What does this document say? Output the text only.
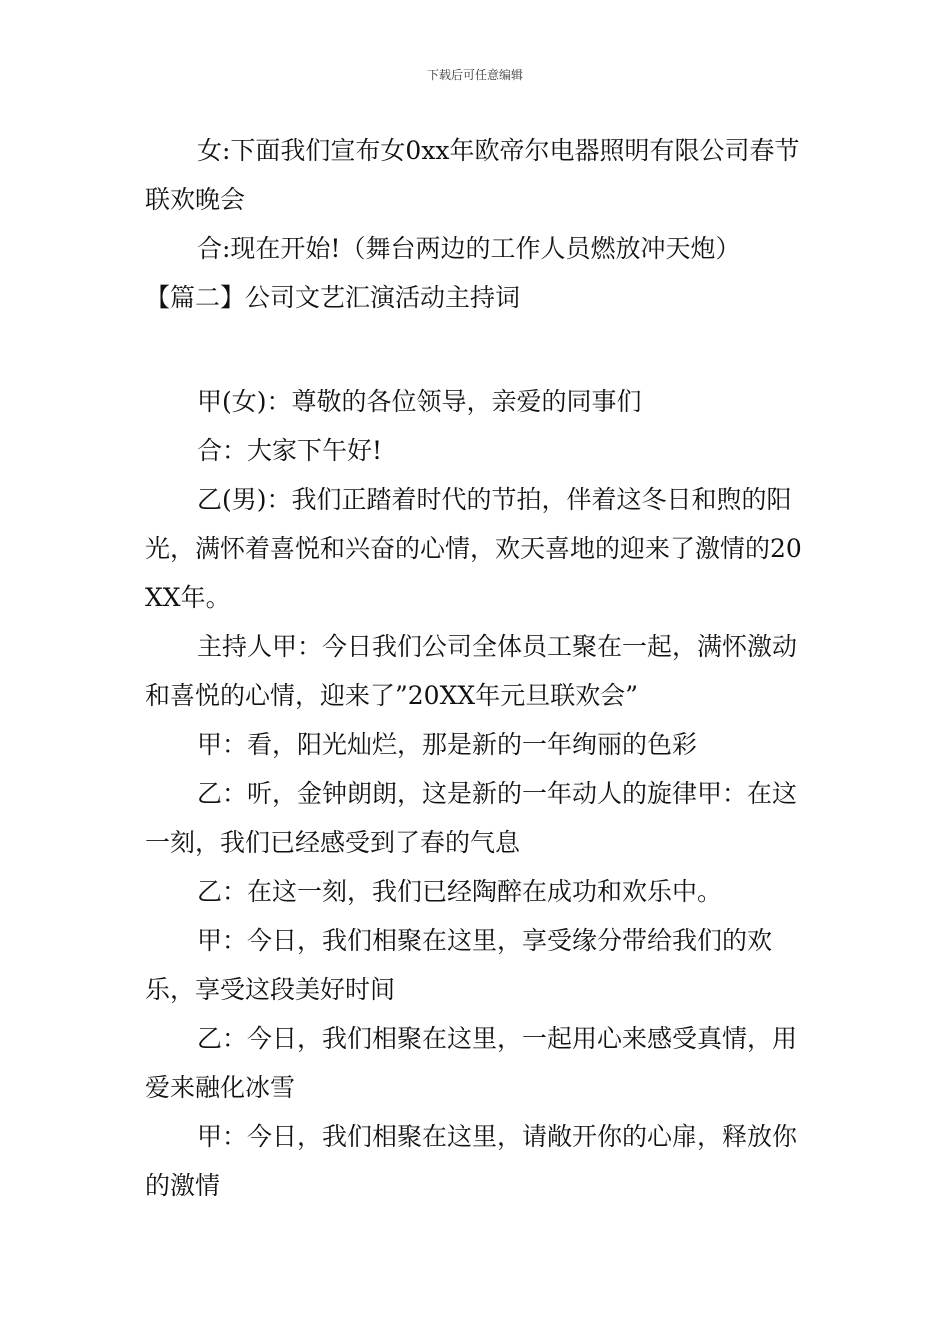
下载后可任意编辑

女:下面我们宣布女0xx年欧帝尔电器照明有限公司春节联欢晚会

合:现在开始!（舞台两边的工作人员燃放冲天炮）

【篇二】公司文艺汇演活动主持词

甲(女)：尊敬的各位领导，亲爱的同事们

合：大家下午好!

乙(男)：我们正踏着时代的节拍，伴着这冬日和煦的阳光，满怀着喜悦和兴奋的心情，欢天喜地的迎来了激情的20XX年。

主持人甲：今日我们公司全体员工聚在一起，满怀激动和喜悦的心情，迎来了”20XX年元旦联欢会”

甲：看，阳光灿烂，那是新的一年绚丽的色彩

乙：听，金钟朗朗，这是新的一年动人的旋律甲：在这一刻，我们已经感受到了春的气息

乙：在这一刻，我们已经陶醉在成功和欢乐中。

甲：今日，我们相聚在这里，享受缘分带给我们的欢乐，享受这段美好时间

乙：今日，我们相聚在这里，一起用心来感受真情，用爱来融化冰雪

甲：今日，我们相聚在这里，请敞开你的心扉，释放你的激情
